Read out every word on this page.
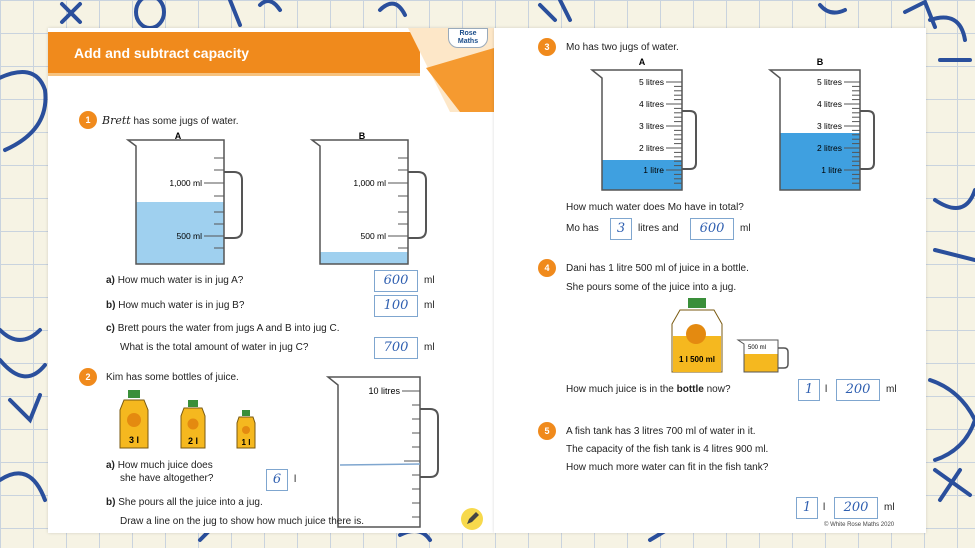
Add and subtract capacity
Rose
Maths
1	Brett has some jugs of water.
A
1,000 ml
500 ml
B
1,000 ml
500 ml
a) How much water is in jug A?	600	ml
b) How much water is in jug B?	100	ml
c) Brett pours the water from jugs A and B into jug C.
What is the total amount of water in jug C?	700	ml
2	Kim has some bottles of juice.
3 l	2 l	1 l
10 litres
a) How much juice does
she have altogether?	6	l
b) She pours all the juice into a jug.
Draw a line on the jug to show how much juice there is.
3	Mo has two jugs of water.
A
5 litres
4 litres
3 litres
2 litres
1 litre
B
5 litres
4 litres
3 litres
2 litres
1 litre
How much water does Mo have in total?
Mo has	3	litres and	600	ml
4	Dani has 1 litre 500 ml of juice in a bottle.
She pours some of the juice into a jug.
1 l 500 ml
500 ml
How much juice is in the bottle now?	1	l	200	ml
5	A fish tank has 3 litres 700 ml of water in it.
The capacity of the fish tank is 4 litres 900 ml.
How much more water can fit in the fish tank?
1	l	200	ml
© White Rose Maths 2020
